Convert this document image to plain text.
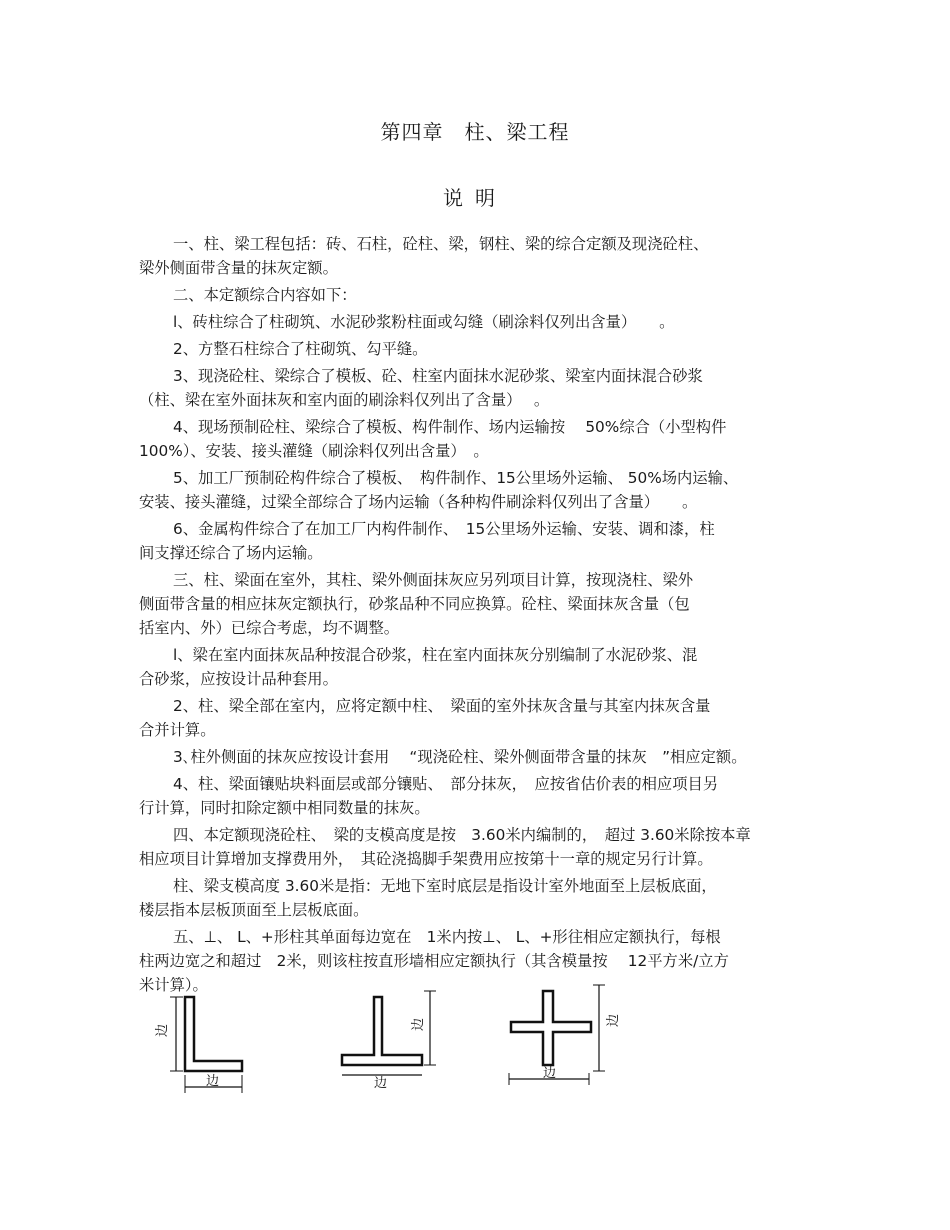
第四章　柱、梁工程
说明

一、柱、梁工程包括：砖、石柱，砼柱、梁，钢柱、梁的综合定额及现浇砼柱、

梁外侧面带含量的抹灰定额。

二、本定额综合内容如下：

l、砖柱综合了柱砌筑、水泥砂浆粉柱面或勾缝（刷涂料仅列出含量）　　。

2、方整石柱综合了柱砌筑、勾平缝。

3、现浇砼柱、梁综合了模板、砼、柱室内面抹水泥砂浆、梁室内面抹混合砂浆

（柱、梁在室外面抹灰和室内面的刷涂料仅列出了含量）　 。

4、现场预制砼柱、梁综合了模板、构件制作、场内运输按　 50%综合（小型构件

100%）、安装、接头灌缝（刷涂料仅列出含量）　。

5、加工厂预制砼构件综合了模板、　构件制作、15公里场外运输、 50%场内运输、

安装、接头灌缝，过梁全部综合了场内运输（各种构件刷涂料仅列出了含量）　　。

6、金属构件综合了在加工厂内构件制作、　15公里场外运输、安装、调和漆，柱

间支撑还综合了场内运输。

三、柱、梁面在室外，其柱、梁外侧面抹灰应另列项目计算，按现浇柱、梁外

侧面带含量的相应抹灰定额执行，砂浆品种不同应换算。砼柱、梁面抹灰含量（包

括室内、外）已综合考虑，均不调整。

l、梁在室内面抹灰品种按混合砂浆，柱在室内面抹灰分别编制了水泥砂浆、混

合砂浆，应按设计品种套用。

2、柱、梁全部在室内，应将定额中柱、　梁面的室外抹灰含量与其室内抹灰含量

合并计算。

3､柱外侧面的抹灰应按设计套用　 “现浇砼柱、梁外侧面带含量的抹灰　”相应定额。

4、柱、梁面镶贴块料面层或部分镶贴、　部分抹灰，　应按省估价表的相应项目另

行计算，同时扣除定额中相同数量的抹灰。

四、本定额现浇砼柱、　梁的支模高度是按　3.60米内编制的，　超过 3.60米除按本章

相应项目计算增加支撑费用外，　其砼浇捣脚手架费用应按第十一章的规定另行计算。

柱、梁支模高度 3.60米是指：无地下室时底层是指设计室外地面至上层板底面，

楼层指本层板顶面至上层板底面。

五、⊥、 L、+形柱其单面每边宽在　1米内按⊥、 L、+形往相应定额执行，每根

柱两边宽之和超过　2米，则该柱按直形墙相应定额执行（其含模量按　 12平方米/立方

米计算）。

边
边
边
边
边
边
